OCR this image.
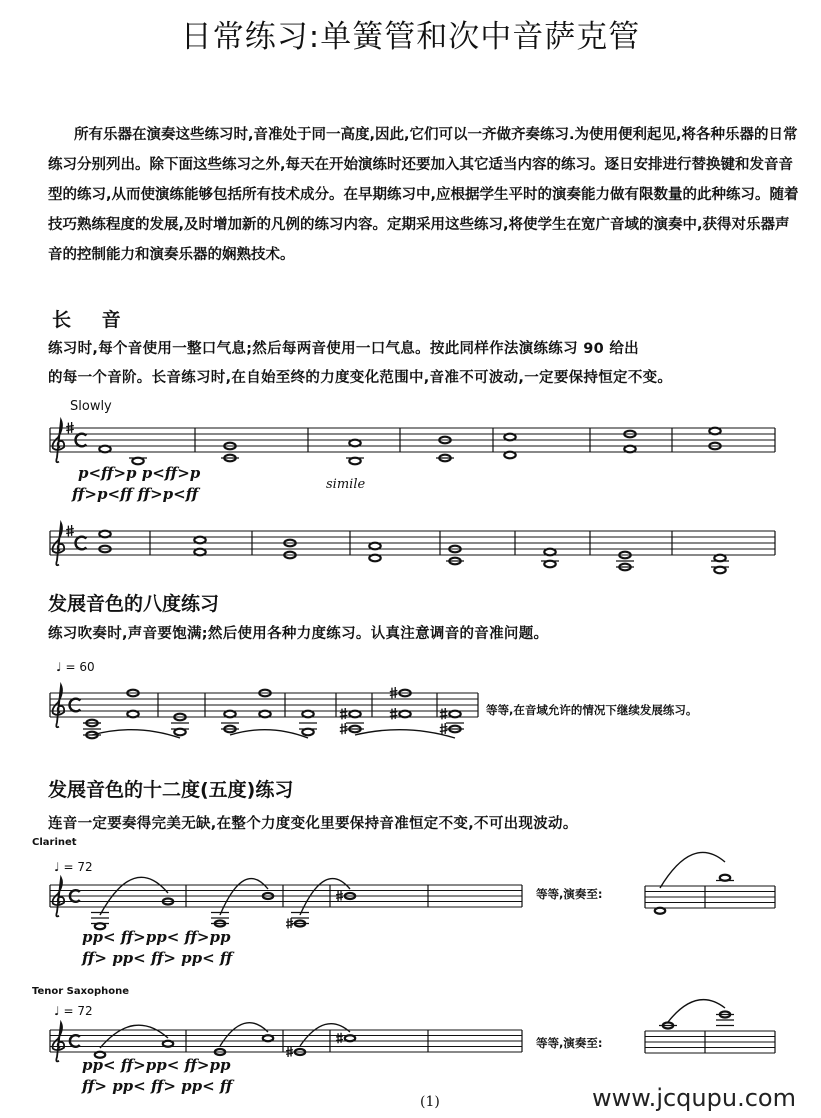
日常练习:单簧管和次中音萨克管
所有乐器在演奏这些练习时,音准处于同一高度,因此,它们可以一齐做齐奏练习.为使用便利起见,将各种乐器的日常练习分别列出。除下面这些练习之外,每天在开始演练时还要加入其它适当内容的练习。逐日安排进行替换键和发音音型的练习,从而使演练能够包括所有技术成分。在早期练习中,应根据学生平时的演奏能力做有限数量的此种练习。随着技巧熟练程度的发展,及时增加新的凡例的练习内容。定期采用这些练习,将使学生在宽广音域的演奏中,获得对乐器声音的控制能力和演奏乐器的娴熟技术。
长 音
练习时,每个音使用一整口气息;然后每两音使用一口气息。按此同样作法演练练习 90 给出
的每一个音阶。长音练习时,在自始至终的力度变化范围中,音准不可波动,一定要保持恒定不变。
Slowly
p<ff>p p<ff>p
ff>p<ff ff>p<ff
simile
发展音色的八度练习
练习吹奏时,声音要饱满;然后使用各种力度练习。认真注意调音的音准问题。
♩ = 60
等等,在音域允许的情况下继续发展练习。
发展音色的十二度(五度)练习
连音一定要奏得完美无缺,在整个力度变化里要保持音准恒定不变,不可出现波动。
Clarinet
♩ = 72
等等,演奏至:
pp< ff>pp< ff>pp
ff> pp< ff> pp< ff
Tenor Saxophone
♩ = 72
等等,演奏至:
pp< ff>pp< ff>pp
ff> pp< ff> pp< ff
(1)	www.jcqupu.com
